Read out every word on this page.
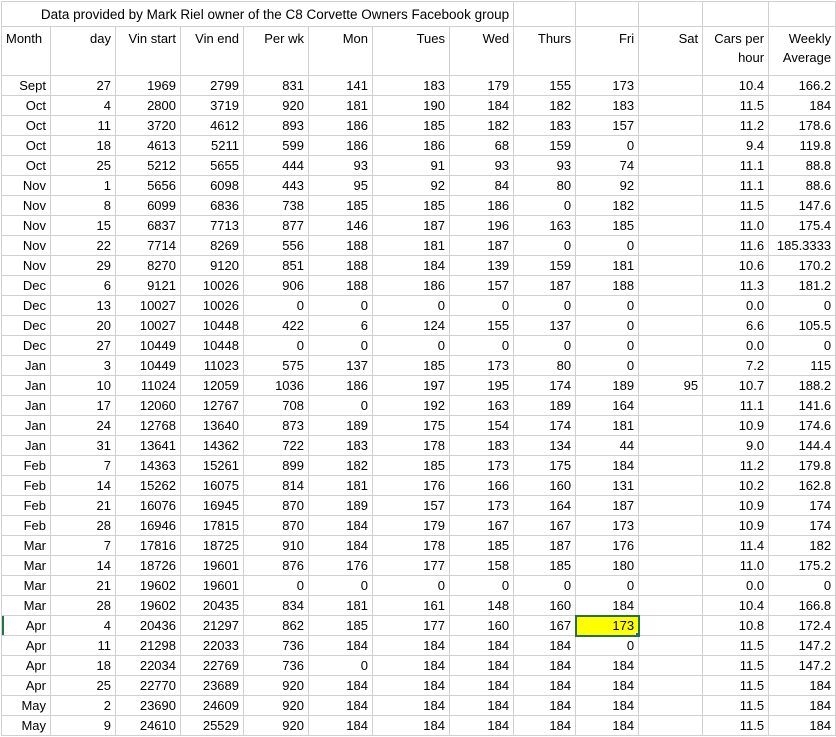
Data provided by Mark Riel owner of the C8 Corvette Owners Facebook group												
Month	day	Vin start	Vin end	Per wk	Mon	Tues	Wed	Thurs	Fri	Sat	Cars per hour	Weekly Average
Sept	27	1969	2799	831	141	183	179	155	173		10.4	166.2
Oct	4	2800	3719	920	181	190	184	182	183		11.5	184
Oct	11	3720	4612	893	186	185	182	183	157		11.2	178.6
Oct	18	4613	5211	599	186	186	68	159	0		9.4	119.8
Oct	25	5212	5655	444	93	91	93	93	74		11.1	88.8
Nov	1	5656	6098	443	95	92	84	80	92		11.1	88.6
Nov	8	6099	6836	738	185	185	186	0	182		11.5	147.6
Nov	15	6837	7713	877	146	187	196	163	185		11.0	175.4
Nov	22	7714	8269	556	188	181	187	0	0		11.6	185.3333
Nov	29	8270	9120	851	188	184	139	159	181		10.6	170.2
Dec	6	9121	10026	906	188	186	157	187	188		11.3	181.2
Dec	13	10027	10026	0	0	0	0	0	0		0.0	0
Dec	20	10027	10448	422	6	124	155	137	0		6.6	105.5
Dec	27	10449	10448	0	0	0	0	0	0		0.0	0
Jan	3	10449	11023	575	137	185	173	80	0		7.2	115
Jan	10	11024	12059	1036	186	197	195	174	189	95	10.7	188.2
Jan	17	12060	12767	708	0	192	163	189	164		11.1	141.6
Jan	24	12768	13640	873	189	175	154	174	181		10.9	174.6
Jan	31	13641	14362	722	183	178	183	134	44		9.0	144.4
Feb	7	14363	15261	899	182	185	173	175	184		11.2	179.8
Feb	14	15262	16075	814	181	176	166	160	131		10.2	162.8
Feb	21	16076	16945	870	189	157	173	164	187		10.9	174
Feb	28	16946	17815	870	184	179	167	167	173		10.9	174
Mar	7	17816	18725	910	184	178	185	187	176		11.4	182
Mar	14	18726	19601	876	176	177	158	185	180		11.0	175.2
Mar	21	19602	19601	0	0	0	0	0	0		0.0	0
Mar	28	19602	20435	834	181	161	148	160	184		10.4	166.8
Apr	4	20436	21297	862	185	177	160	167	173		10.8	172.4
Apr	11	21298	22033	736	184	184	184	184	0		11.5	147.2
Apr	18	22034	22769	736	0	184	184	184	184		11.5	147.2
Apr	25	22770	23689	920	184	184	184	184	184		11.5	184
May	2	23690	24609	920	184	184	184	184	184		11.5	184
May	9	24610	25529	920	184	184	184	184	184		11.5	184
